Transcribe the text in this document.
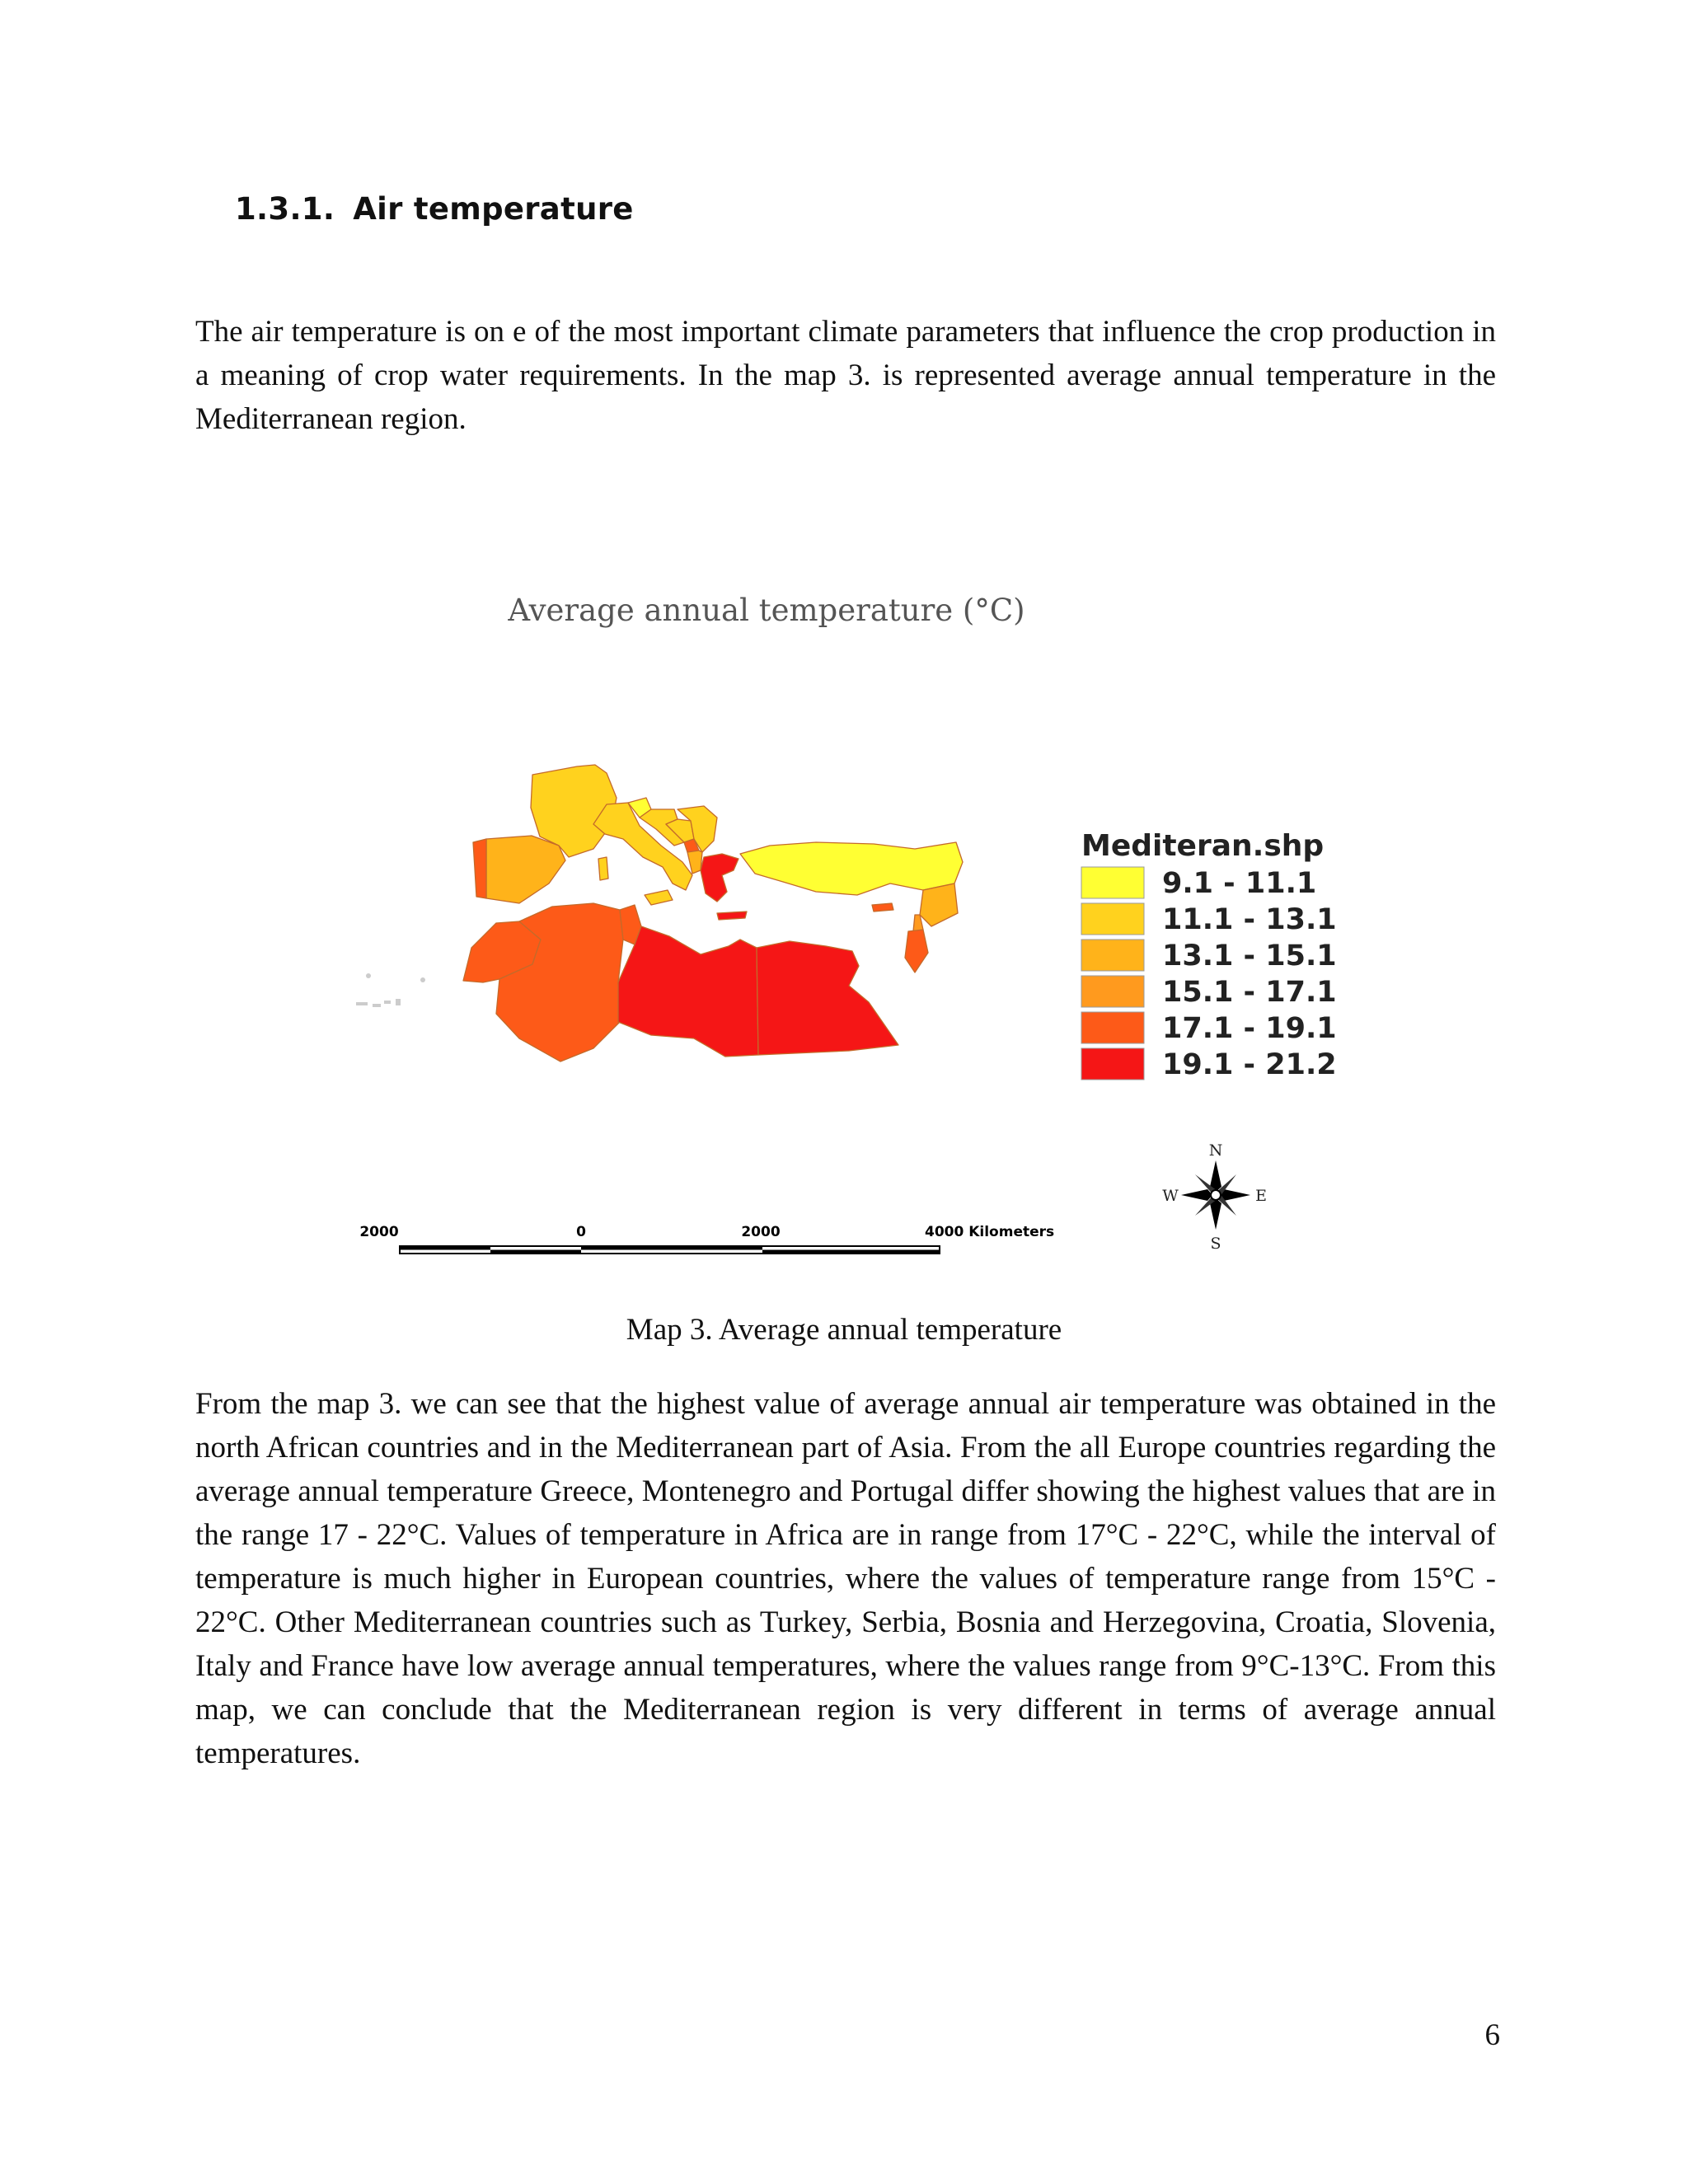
1.3.1. Air temperature

The air temperature is on e of the most important climate parameters that influence the crop production in a meaning of crop water requirements. In the map 3. is represented average annual temperature in the Mediterranean region.

Average annual temperature (°C)
Mediteran.shp
9.1 - 11.1
11.1 - 13.1
13.1 - 15.1
15.1 - 17.1
17.1 - 19.1
19.1 - 21.2
2000	0	2000	4000 Kilometers
N
S
W	E

Map 3. Average annual temperature

From the map 3. we can see that the highest value of average annual air temperature was obtained in the north African countries and in the Mediterranean part of Asia. From the all Europe countries regarding the average annual temperature Greece, Montenegro and Portugal differ showing the highest values that are in the range 17 - 22°C. Values of temperature in Africa are in range from 17°C - 22°C, while the interval of temperature is much higher in European countries, where the values of temperature range from 15°C - 22°C. Other Mediterranean countries such as Turkey, Serbia, Bosnia and Herzegovina, Croatia, Slovenia, Italy and France have low average annual temperatures, where the values range from 9°C-13°C. From this map, we can conclude that the Mediterranean region is very different in terms of average annual temperatures.

6
